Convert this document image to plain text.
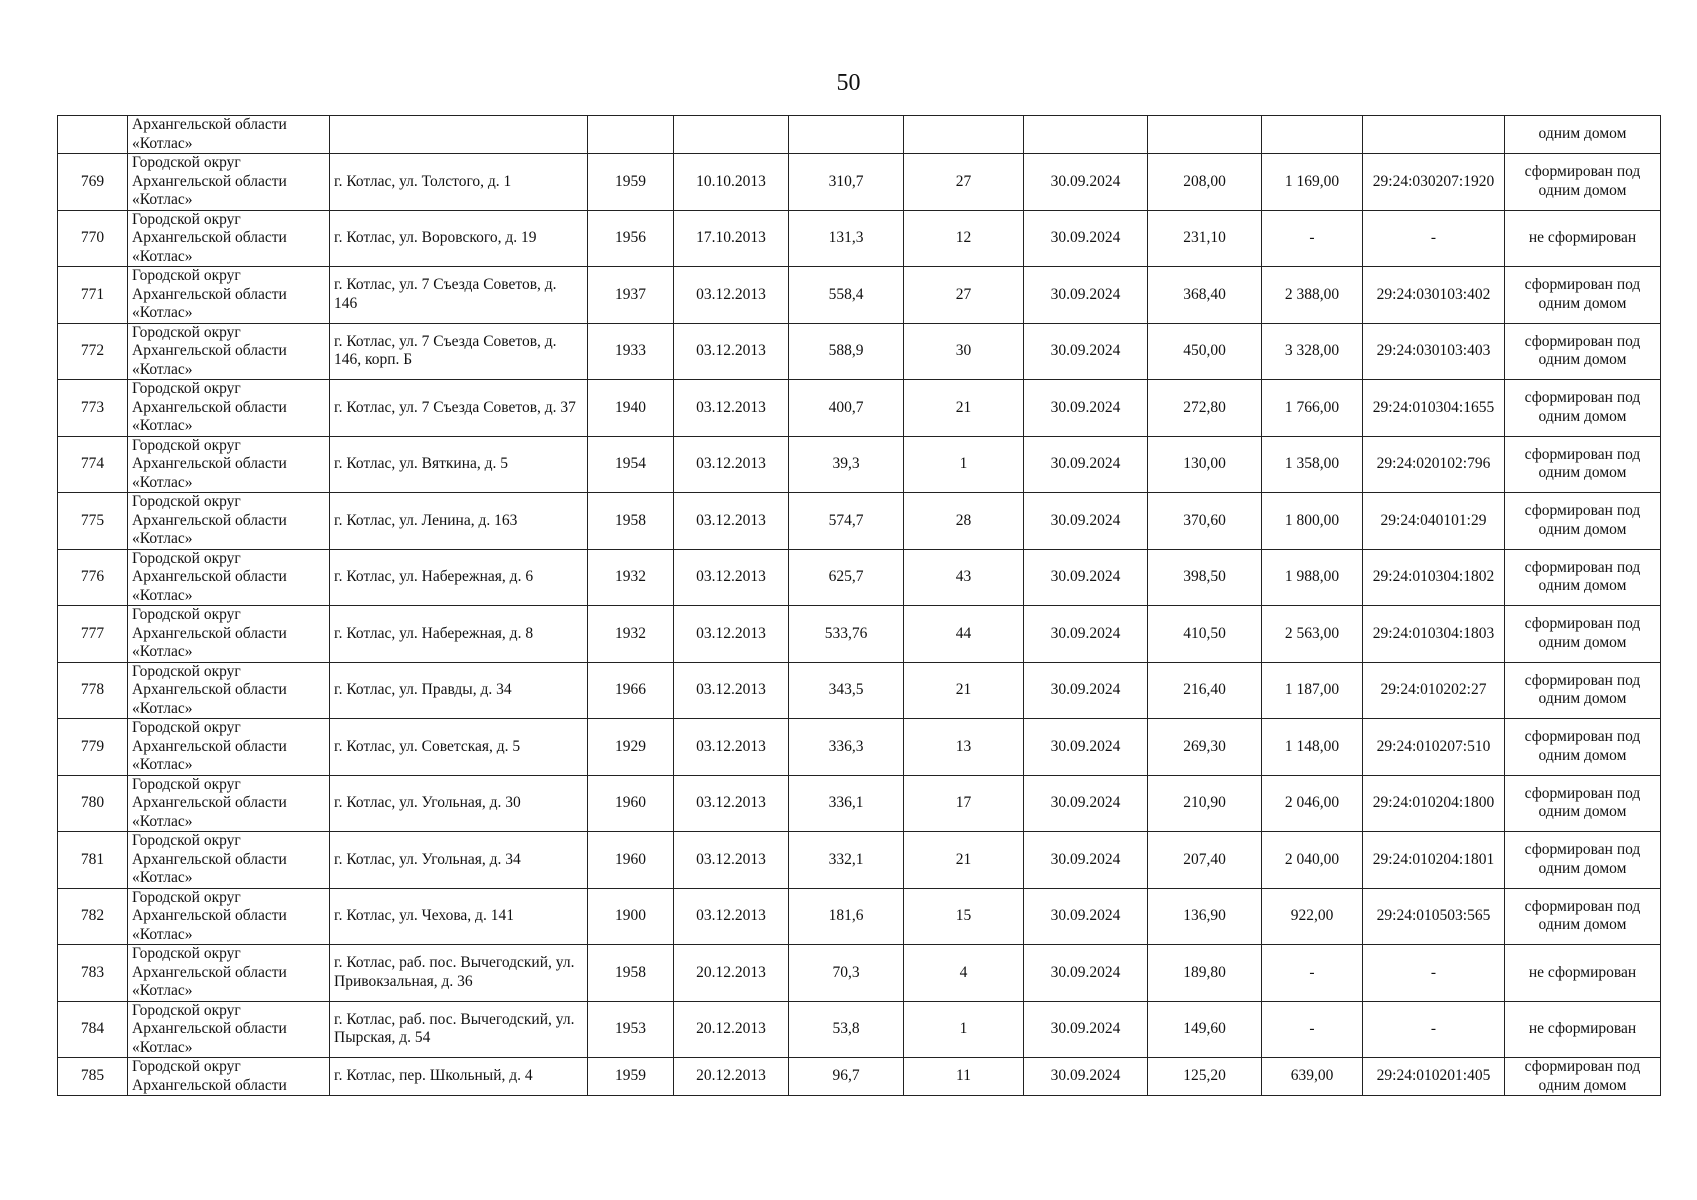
50
	Архангельской области «Котлас»										одним домом
769	Городской округ Архангельской области «Котлас»	г. Котлас, ул. Толстого, д. 1	1959	10.10.2013	310,7	27	30.09.2024	208,00	1 169,00	29:24:030207:1920	сформирован под одним домом
770	Городской округ Архангельской области «Котлас»	г. Котлас, ул. Воровского, д. 19	1956	17.10.2013	131,3	12	30.09.2024	231,10	-	-	не сформирован
771	Городской округ Архангельской области «Котлас»	г. Котлас, ул. 7 Съезда Советов, д. 146	1937	03.12.2013	558,4	27	30.09.2024	368,40	2 388,00	29:24:030103:402	сформирован под одним домом
772	Городской округ Архангельской области «Котлас»	г. Котлас, ул. 7 Съезда Советов, д. 146, корп. Б	1933	03.12.2013	588,9	30	30.09.2024	450,00	3 328,00	29:24:030103:403	сформирован под одним домом
773	Городской округ Архангельской области «Котлас»	г. Котлас, ул. 7 Съезда Советов, д. 37	1940	03.12.2013	400,7	21	30.09.2024	272,80	1 766,00	29:24:010304:1655	сформирован под одним домом
774	Городской округ Архангельской области «Котлас»	г. Котлас, ул. Вяткина, д. 5	1954	03.12.2013	39,3	1	30.09.2024	130,00	1 358,00	29:24:020102:796	сформирован под одним домом
775	Городской округ Архангельской области «Котлас»	г. Котлас, ул. Ленина, д. 163	1958	03.12.2013	574,7	28	30.09.2024	370,60	1 800,00	29:24:040101:29	сформирован под одним домом
776	Городской округ Архангельской области «Котлас»	г. Котлас, ул. Набережная, д. 6	1932	03.12.2013	625,7	43	30.09.2024	398,50	1 988,00	29:24:010304:1802	сформирован под одним домом
777	Городской округ Архангельской области «Котлас»	г. Котлас, ул. Набережная, д. 8	1932	03.12.2013	533,76	44	30.09.2024	410,50	2 563,00	29:24:010304:1803	сформирован под одним домом
778	Городской округ Архангельской области «Котлас»	г. Котлас, ул. Правды, д. 34	1966	03.12.2013	343,5	21	30.09.2024	216,40	1 187,00	29:24:010202:27	сформирован под одним домом
779	Городской округ Архангельской области «Котлас»	г. Котлас, ул. Советская, д. 5	1929	03.12.2013	336,3	13	30.09.2024	269,30	1 148,00	29:24:010207:510	сформирован под одним домом
780	Городской округ Архангельской области «Котлас»	г. Котлас, ул. Угольная, д. 30	1960	03.12.2013	336,1	17	30.09.2024	210,90	2 046,00	29:24:010204:1800	сформирован под одним домом
781	Городской округ Архангельской области «Котлас»	г. Котлас, ул. Угольная, д. 34	1960	03.12.2013	332,1	21	30.09.2024	207,40	2 040,00	29:24:010204:1801	сформирован под одним домом
782	Городской округ Архангельской области «Котлас»	г. Котлас, ул. Чехова, д. 141	1900	03.12.2013	181,6	15	30.09.2024	136,90	922,00	29:24:010503:565	сформирован под одним домом
783	Городской округ Архангельской области «Котлас»	г. Котлас, раб. пос. Вычегодский, ул. Привокзальная, д. 36	1958	20.12.2013	70,3	4	30.09.2024	189,80	-	-	не сформирован
784	Городской округ Архангельской области «Котлас»	г. Котлас, раб. пос. Вычегодский, ул. Пырская, д. 54	1953	20.12.2013	53,8	1	30.09.2024	149,60	-	-	не сформирован
785	Городской округ Архангельской области	г. Котлас, пер. Школьный, д. 4	1959	20.12.2013	96,7	11	30.09.2024	125,20	639,00	29:24:010201:405	сформирован под одним домом
